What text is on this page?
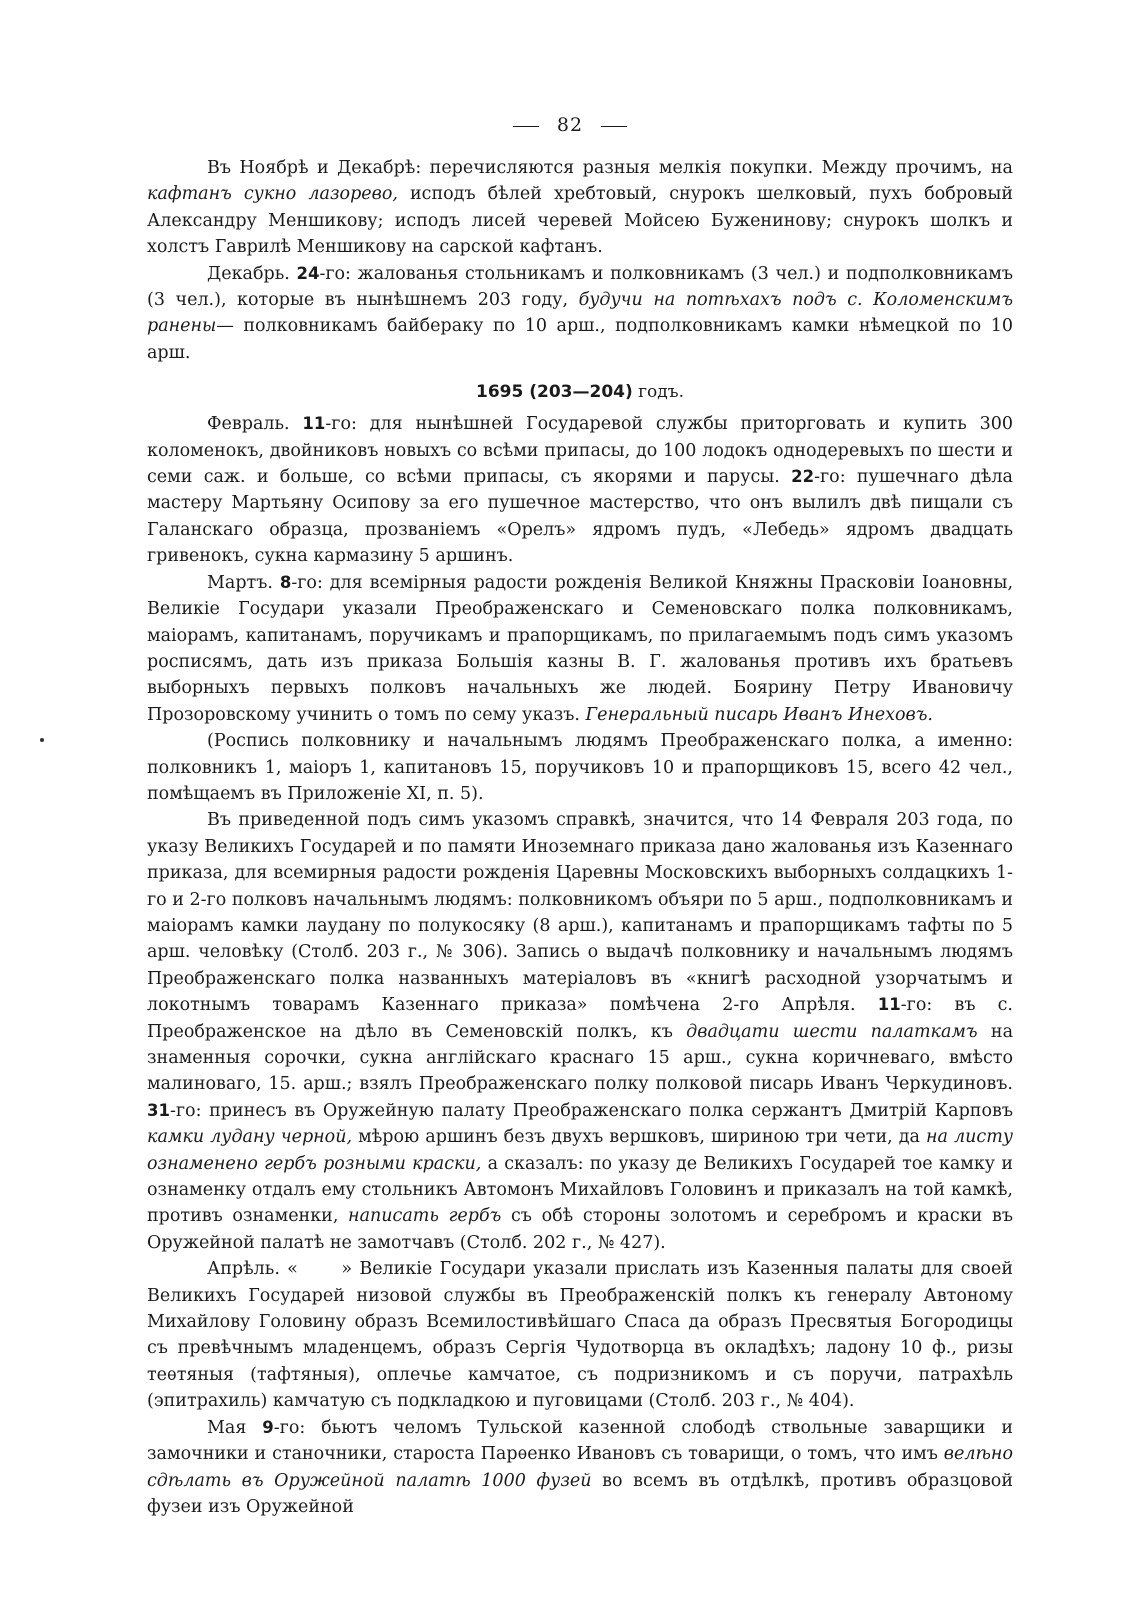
82

Въ Ноябрѣ и Декабрѣ: перечисляются разныя мелкія покупки. Между прочимъ, на кафтанъ сукно лазорево, исподъ бѣлей хребтовый, снурокъ шелковый, пухъ бобровый Александру Меншикову; исподъ лисей черевей Мойсею Буженинову; снурокъ шолкъ и холстъ Гаврилѣ Меншикову на сарской кафтанъ.

Декабрь. 24-го: жалованья стольникамъ и полковникамъ (3 чел.) и подполковникамъ (3 чел.), которые въ нынѣшнемъ 203 году, будучи на потѣхахъ подъ с. Коломенскимъ ранены— полковникамъ байбераку по 10 арш., подполковникамъ камки нѣмецкой по 10 арш.

1695 (203—204) годъ.

Февраль. 11-го: для нынѣшней Государевой службы приторговать и купить 300 коломенокъ, двойниковъ новыхъ со всѣми припасы, до 100 лодокъ однодеревыхъ по шести и семи саж. и больше, со всѣми припасы, съ якорями и парусы. 22-го: пушечнаго дѣла мастеру Мартьяну Осипову за его пушечное мастерство, что онъ вылилъ двѣ пищали съ Галанскаго образца, прозваніемъ «Орелъ» ядромъ пудъ, «Лебедь» ядромъ двадцать гривенокъ, сукна кармазину 5 аршинъ.

Мартъ. 8-го: для всемірныя радости рожденія Великой Княжны Прасковіи Іоановны, Великіе Государи указали Преображенскаго и Семеновскаго полка полковникамъ, маіорамъ, капитанамъ, поручикамъ и прапорщикамъ, по прилагаемымъ подъ симъ указомъ росписямъ, дать изъ приказа Большія казны В. Г. жалованья противъ ихъ братьевъ выборныхъ первыхъ полковъ начальныхъ же людей. Боярину Петру Ивановичу Прозоровскому учинить о томъ по сему указъ. Генеральный писарь Иванъ Инеховъ.

(Роспись полковнику и начальнымъ людямъ Преображенскаго полка, а именно: полковникъ 1, маіоръ 1, капитановъ 15, поручиковъ 10 и прапорщиковъ 15, всего 42 чел., помѣщаемъ въ Приложеніе XI, п. 5).

Въ приведенной подъ симъ указомъ справкѣ, значится, что 14 Февраля 203 года, по указу Великихъ Государей и по памяти Иноземнаго приказа дано жалованья изъ Казеннаго приказа, для всемирныя радости рожденія Царевны Московскихъ выборныхъ солдацкихъ 1-го и 2-го полковъ начальнымъ людямъ: полковникомъ объяри по 5 арш., подполковникамъ и маіорамъ камки лаудану по полукосяку (8 арш.), капитанамъ и прапорщикамъ тафты по 5 арш. человѣку (Столб. 203 г., № 306). Запись о выдачѣ полковнику и начальнымъ людямъ Преображенскаго полка названныхъ матеріаловъ въ «книгѣ расходной узорчатымъ и локотнымъ товарамъ Казеннаго приказа» помѣчена 2-го Апрѣля. 11-го: въ с. Преображенское на дѣло въ Семеновскій полкъ, къ двадцати шести палаткамъ на знаменныя сорочки, сукна англійскаго краснаго 15 арш., сукна коричневаго, вмѣсто малиноваго, 15. арш.; взялъ Преображенскаго полку полковой писарь Иванъ Черкудиновъ. 31-го: принесъ въ Оружейную палату Преображенскаго полка сержантъ Дмитрій Карповъ камки лудану черной, мѣрою аршинъ безъ двухъ вершковъ, шириною три чети, да на листу ознаменено гербъ розными краски, а сказалъ: по указу де Великихъ Государей тое камку и ознаменку отдалъ ему стольникъ Автомонъ Михайловъ Головинъ и приказалъ на той камкѣ, противъ ознаменки, написать гербъ съ обѣ стороны золотомъ и серебромъ и краски въ Оружейной палатѣ не замотчавъ (Столб. 202 г., № 427).

Апрѣль. «      » Великіе Государи указали прислать изъ Казенныя палаты для своей Великихъ Государей низовой службы въ Преображенскій полкъ къ генералу Автоному Михайлову Головину образъ Всемилостивѣйшаго Спаса да образъ Пресвятыя Богородицы съ превѣчнымъ младенцемъ, образъ Сергія Чудотворца въ окладѣхъ; ладону 10 ф., ризы теѳтяныя (тафтяныя), оплечье камчатое, съ подризникомъ и съ поручи, патрахѣль (эпитрахиль) камчатую съ подкладкою и пуговицами (Столб. 203 г., № 404).

Мая 9-го: бьютъ челомъ Тульской казенной слободѣ ствольные заварщики и замочники и станочники, староста Парѳенко Ивановъ съ товарищи, о томъ, что имъ велѣно сдѣлать въ Оружейной палатѣ 1000 фузей во всемъ въ отдѣлкѣ, противъ образцовой фузеи изъ Оружейной
